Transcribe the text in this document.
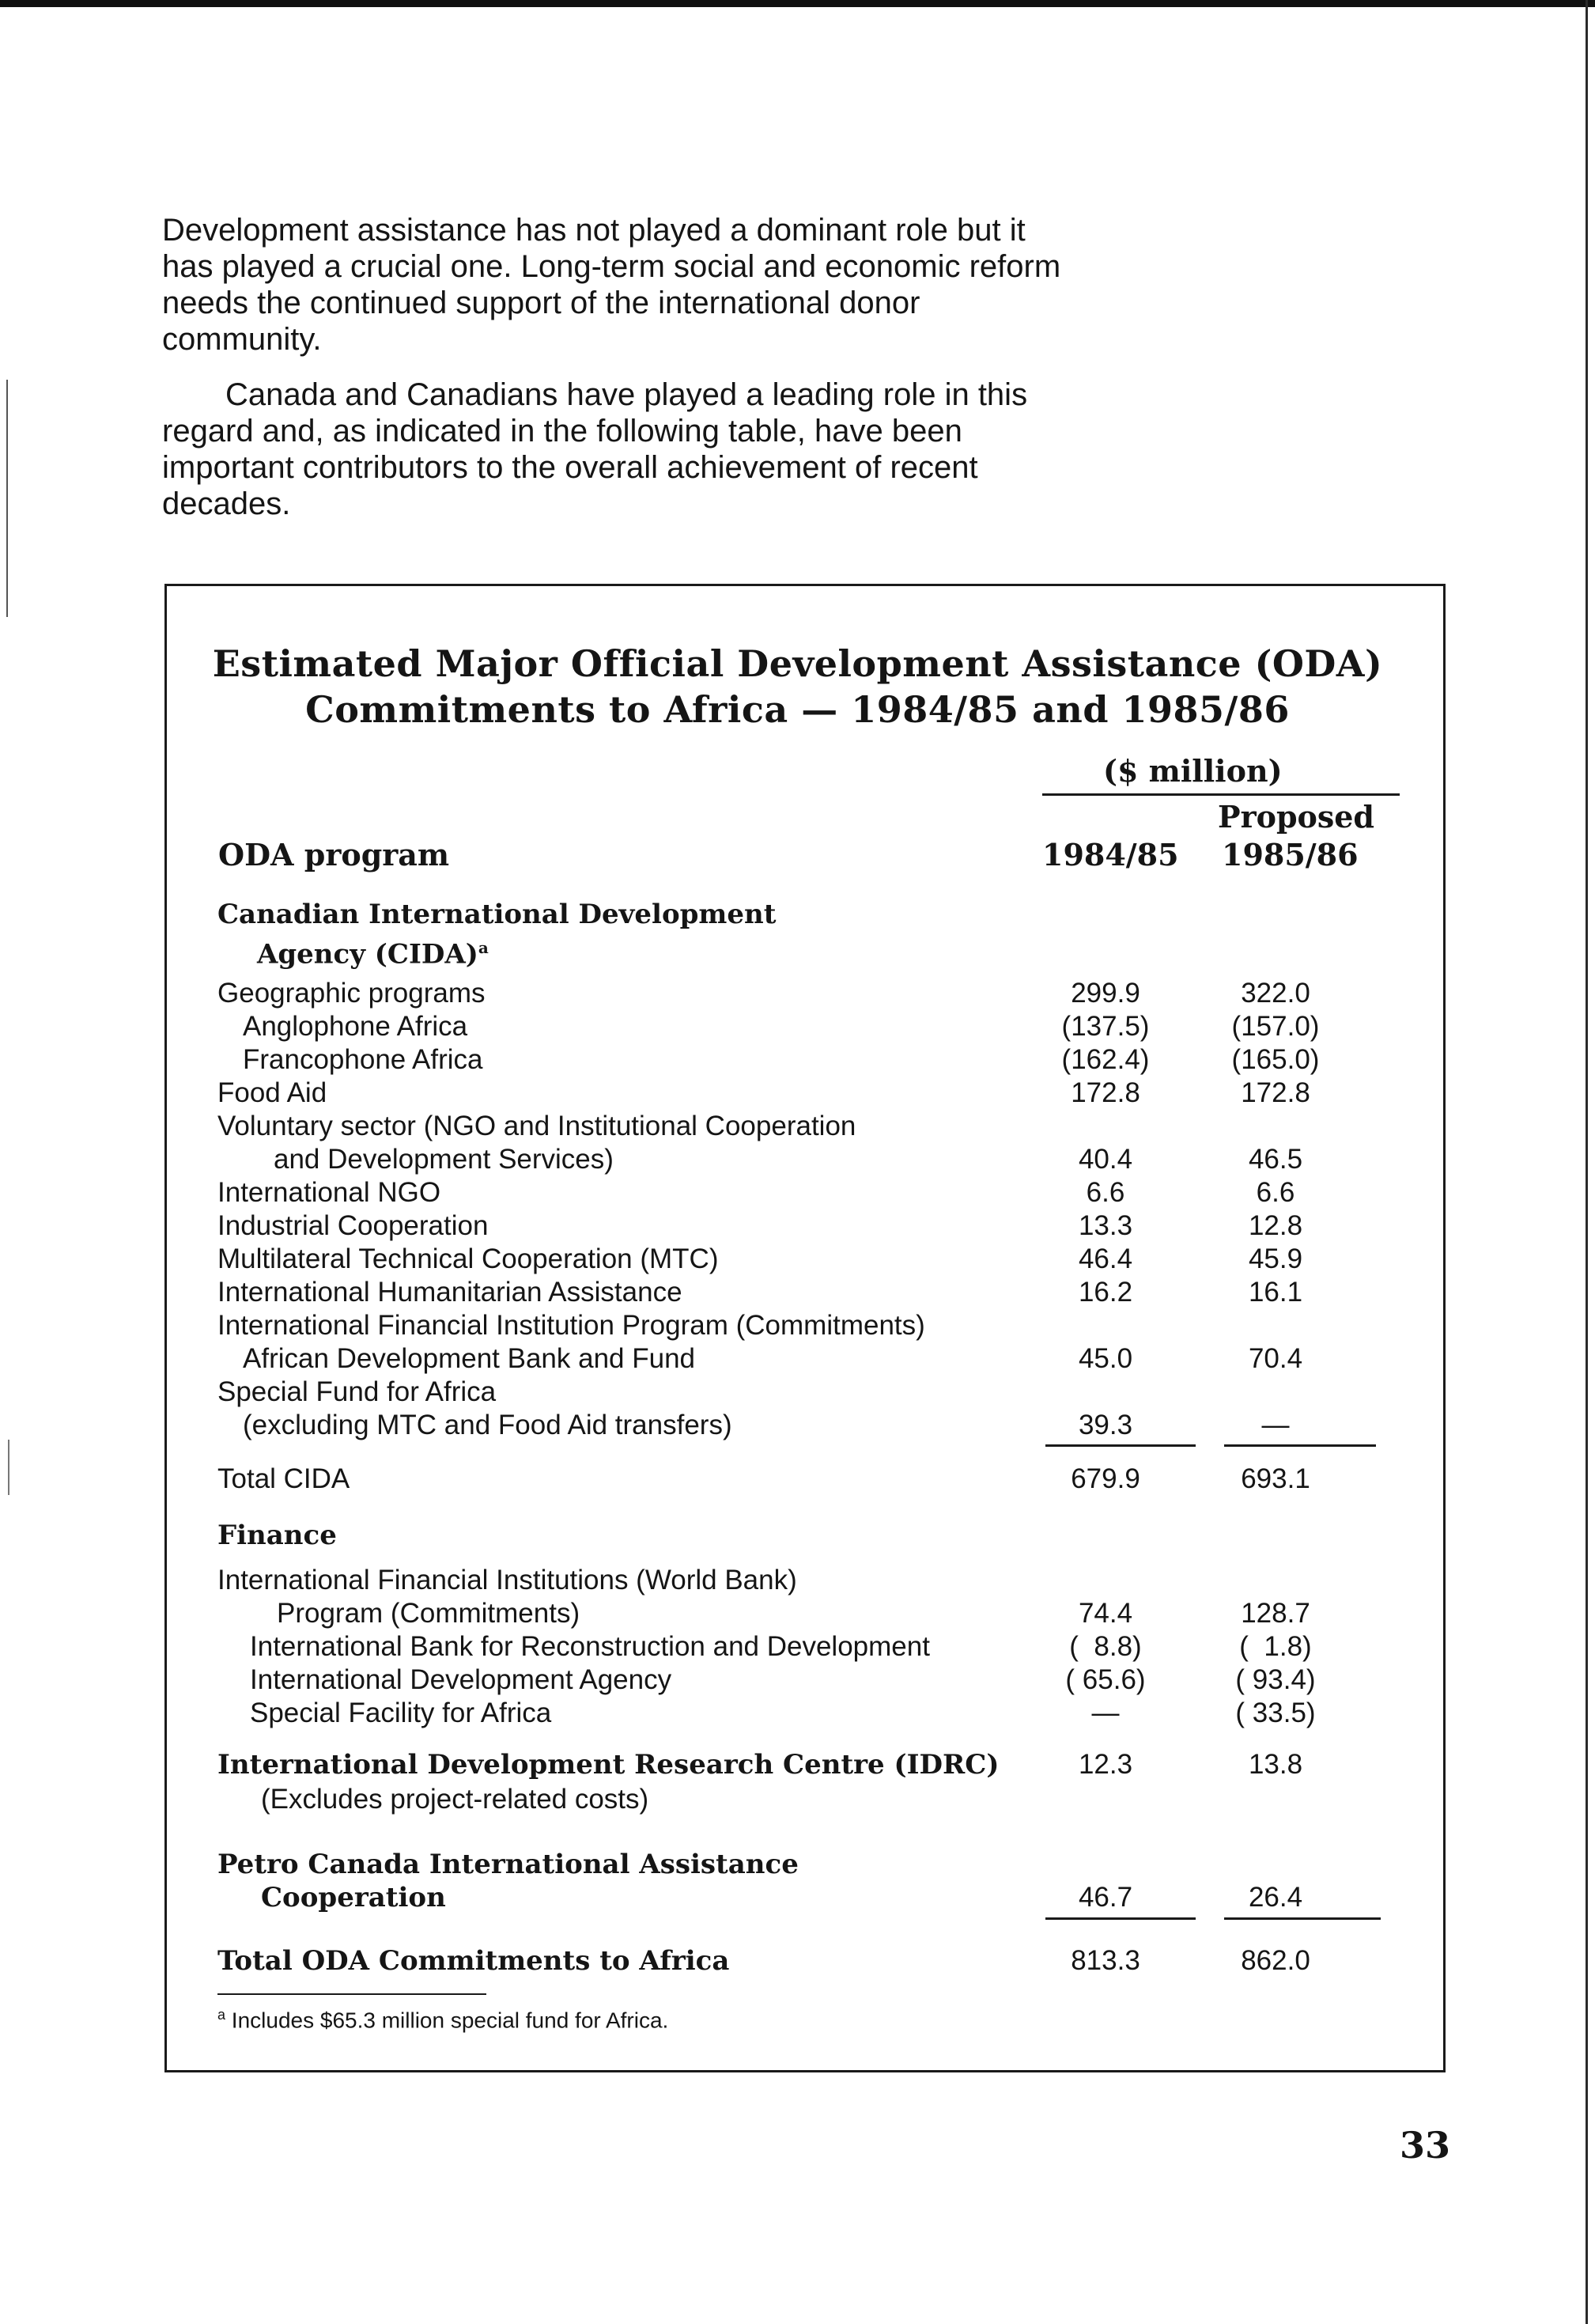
Development assistance has not played a dominant role but it has played a crucial one. Long-term social and economic reform needs the continued support of the international donor community.

Canada and Canadians have played a leading role in this regard and, as indicated in the following table, have been important contributors to the overall achievement of recent decades.

Estimated Major Official Development Assistance (ODA)
Commitments to Africa — 1984/85 and 1985/86
($ million)
Proposed
ODA program	1984/85 1985/86
Canadian International Development
Agency (CIDA)$^a$
Geographic programs	299.9	322.0
Anglophone Africa	(137.5)	(157.0)
Francophone Africa	(162.4)	(165.0)
Food Aid	172.8	172.8
Voluntary sector (NGO and Institutional Cooperation
and Development Services)	40.4	46.5
International NGO	6.6	6.6
Industrial Cooperation	13.3	12.8
Multilateral Technical Cooperation (MTC)	46.4	45.9
International Humanitarian Assistance	16.2	16.1
International Financial Institution Program (Commitments)
African Development Bank and Fund	45.0	70.4
Special Fund for Africa
(excluding MTC and Food Aid transfers)	39.3	—
Total CIDA	679.9	693.1
Finance
International Financial Institutions (World Bank)
Program (Commitments)	74.4	128.7
International Bank for Reconstruction and Development	(  8.8)	(  1.8)
International Development Agency	( 65.6)	( 93.4)
Special Facility for Africa	—	( 33.5)
International Development Research Centre (IDRC)	12.3	13.8
(Excludes project-related costs)
Petro Canada International Assistance
Cooperation	46.7	26.4
Total ODA Commitments to Africa	813.3	862.0
$^a$ Includes $65.3 million special fund for Africa.
33
